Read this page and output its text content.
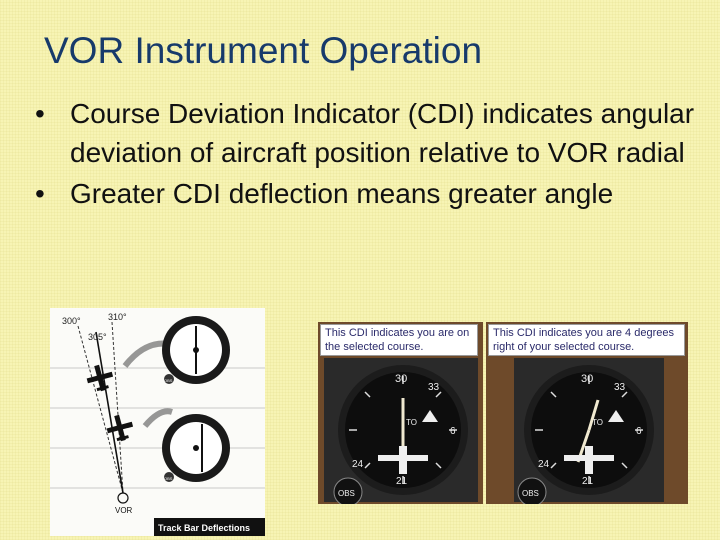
VOR Instrument Operation
• Course Deviation Indicator (CDI) indicates angular deviation of aircraft position relative to VOR radial
• Greater CDI deflection means greater angle
300°	310°
305°
OBS
OBS
VOR
Track Bar Deflections
30
33
6
21
24
TO
OBS
This CDI indicates you are on the selected course.
30
33
6
21
24
TO
OBS
This CDI indicates you are 4 degrees right of your selected course.
